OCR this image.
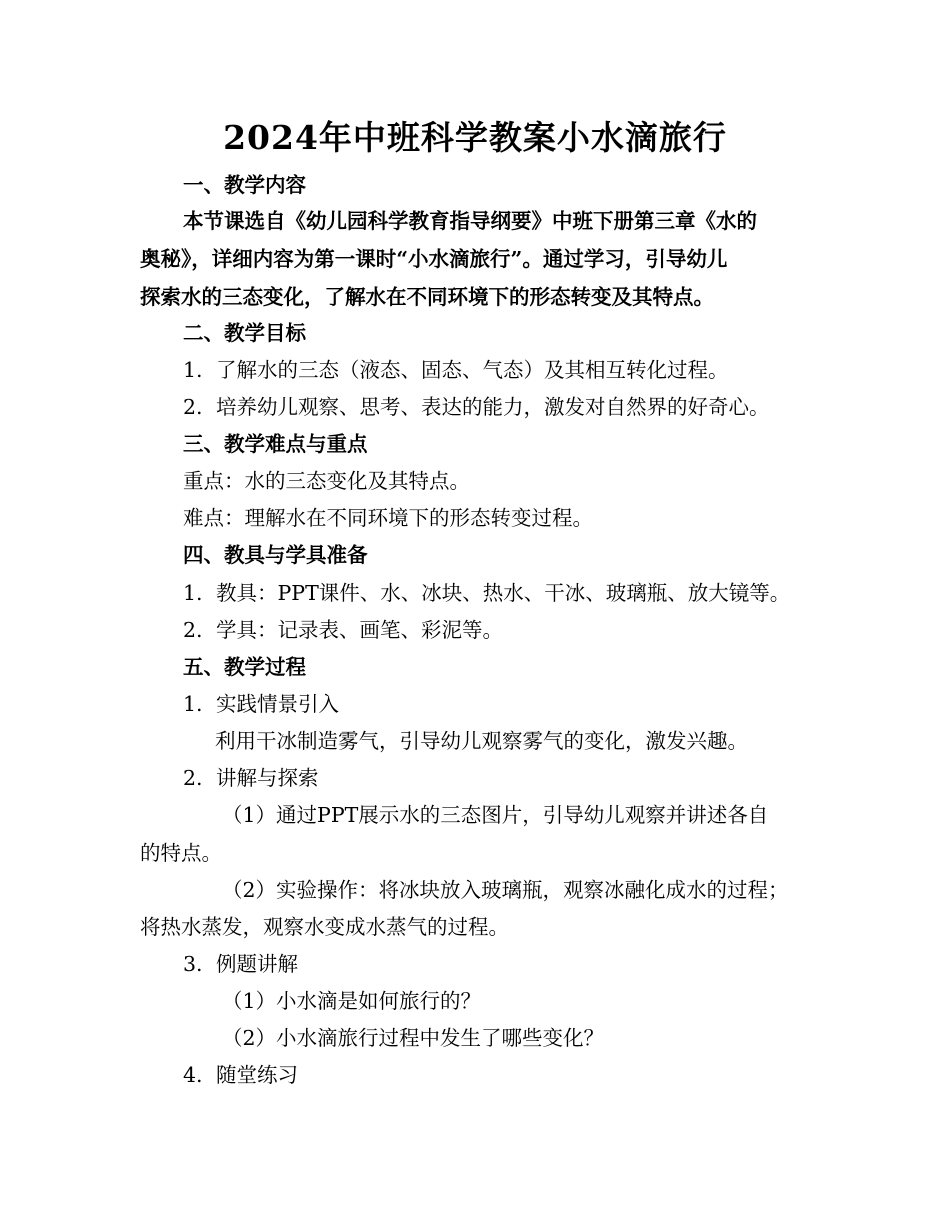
2024年中班科学教案小水滴旅行
一、教学内容
本节课选自《幼儿园科学教育指导纲要》中班下册第三章《水的
奥秘》，详细内容为第一课时“小水滴旅行”。通过学习，引导幼儿
探索水的三态变化，了解水在不同环境下的形态转变及其特点。
二、教学目标
1. 了解水的三态（液态、固态、气态）及其相互转化过程。
2. 培养幼儿观察、思考、表达的能力，激发对自然界的好奇心。
三、教学难点与重点
重点：水的三态变化及其特点。
难点：理解水在不同环境下的形态转变过程。
四、教具与学具准备
1. 教具：PPT课件、水、冰块、热水、干冰、玻璃瓶、放大镜等。
2. 学具：记录表、画笔、彩泥等。
五、教学过程
1. 实践情景引入
利用干冰制造雾气，引导幼儿观察雾气的变化，激发兴趣。
2. 讲解与探索
（1）通过PPT展示水的三态图片，引导幼儿观察并讲述各自
的特点。
（2）实验操作：将冰块放入玻璃瓶，观察冰融化成水的过程；
将热水蒸发，观察水变成水蒸气的过程。
3. 例题讲解
（1）小水滴是如何旅行的？
（2）小水滴旅行过程中发生了哪些变化？
4. 随堂练习
